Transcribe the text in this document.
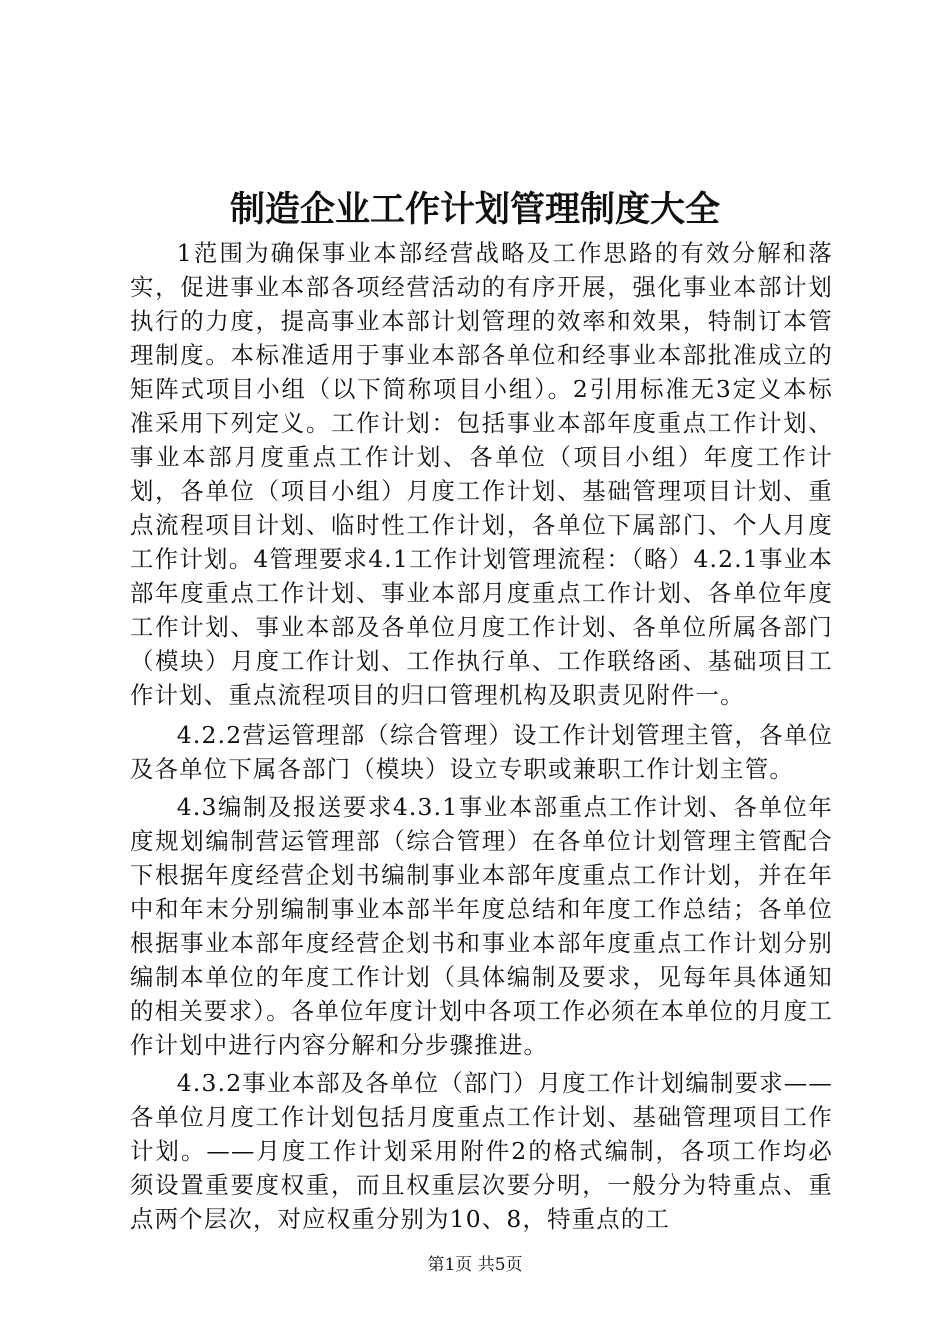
制造企业工作计划管理制度大全

1范围为确保事业本部经营战略及工作思路的有效分解和落实，促进事业本部各项经营活动的有序开展，强化事业本部计划执行的力度，提高事业本部计划管理的效率和效果，特制订本管理制度。本标准适用于事业本部各单位和经事业本部批准成立的矩阵式项目小组（以下简称项目小组）。2引用标准无3定义本标准采用下列定义。工作计划：包括事业本部年度重点工作计划、事业本部月度重点工作计划、各单位（项目小组）年度工作计划，各单位（项目小组）月度工作计划、基础管理项目计划、重点流程项目计划、临时性工作计划，各单位下属部门、个人月度工作计划。4管理要求4.1工作计划管理流程：（略）4.2.1事业本部年度重点工作计划、事业本部月度重点工作计划、各单位年度工作计划、事业本部及各单位月度工作计划、各单位所属各部门（模块）月度工作计划、工作执行单、工作联络函、基础项目工作计划、重点流程项目的归口管理机构及职责见附件一。

4.2.2营运管理部（综合管理）设工作计划管理主管，各单位及各单位下属各部门（模块）设立专职或兼职工作计划主管。

4.3编制及报送要求4.3.1事业本部重点工作计划、各单位年度规划编制营运管理部（综合管理）在各单位计划管理主管配合下根据年度经营企划书编制事业本部年度重点工作计划，并在年中和年末分别编制事业本部半年度总结和年度工作总结；各单位根据事业本部年度经营企划书和事业本部年度重点工作计划分别编制本单位的年度工作计划（具体编制及要求，见每年具体通知的相关要求）。各单位年度计划中各项工作必须在本单位的月度工作计划中进行内容分解和分步骤推进。

4.3.2事业本部及各单位（部门）月度工作计划编制要求——各单位月度工作计划包括月度重点工作计划、基础管理项目工作计划。——月度工作计划采用附件2的格式编制，各项工作均必须设置重要度权重，而且权重层次要分明，一般分为特重点、重点两个层次，对应权重分别为10、8，特重点的工

第1页 共5页
